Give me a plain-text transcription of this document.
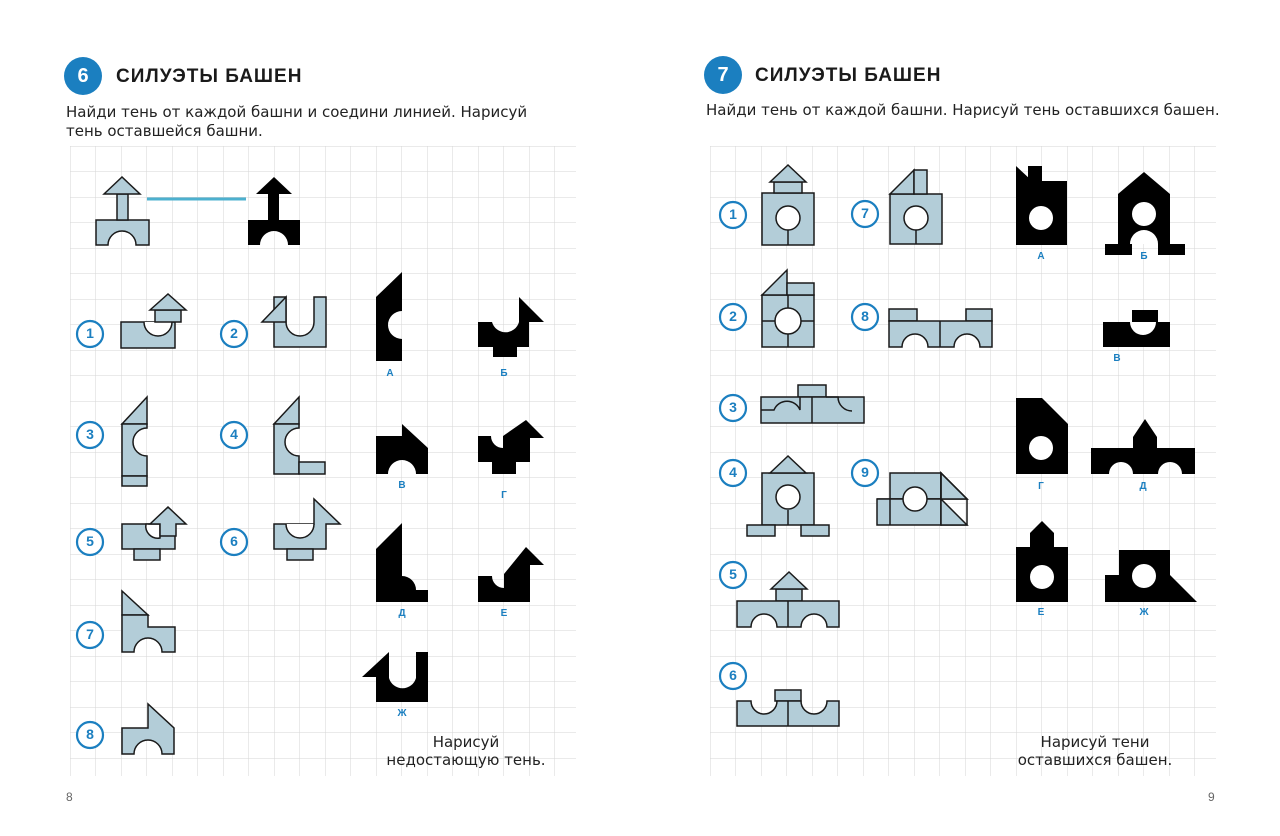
6	СИЛУЭТЫ БАШЕН
Найди тень от каждой башни и соедини линией. Нарисуй тень оставшейся башни.
1	2
3	4
5	6
7
8
А	Б
В
Г
Д	Е
Ж
Нарисуй
недостающую тень.
8
7	СИЛУЭТЫ БАШЕН
Найди тень от каждой башни. Нарисуй тень оставшихся башен.
1	7
2	8
3
4	9
5
6
А	Б
В
Г	Д
Е	Ж
Нарисуй тени
оставшихся башен.
9
